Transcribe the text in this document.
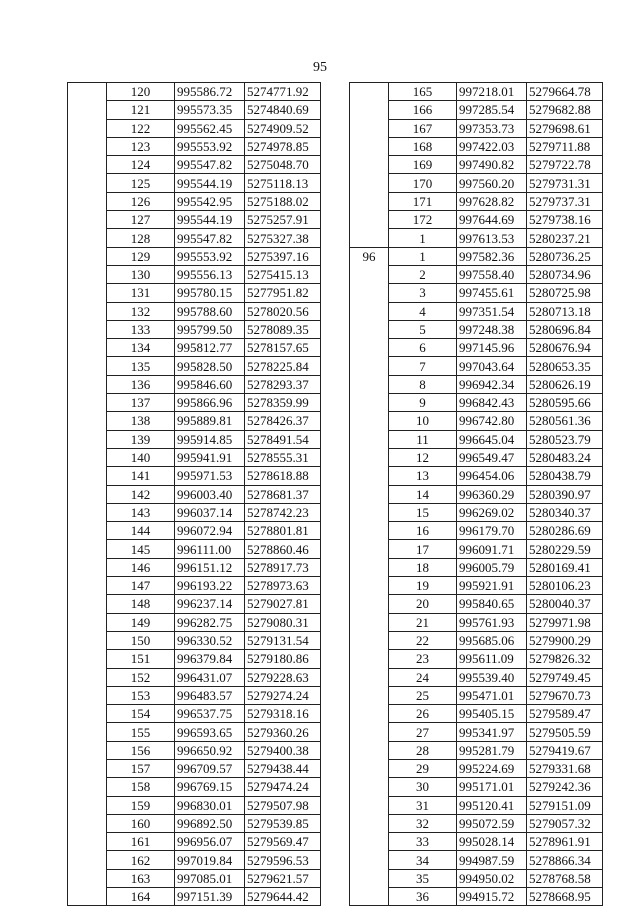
95
	120	995586.72	5274771.92
	121	995573.35	5274840.69
	122	995562.45	5274909.52
	123	995553.92	5274978.85
	124	995547.82	5275048.70
	125	995544.19	5275118.13
	126	995542.95	5275188.02
	127	995544.19	5275257.91
	128	995547.82	5275327.38
	129	995553.92	5275397.16
	130	995556.13	5275415.13
	131	995780.15	5277951.82
	132	995788.60	5278020.56
	133	995799.50	5278089.35
	134	995812.77	5278157.65
	135	995828.50	5278225.84
	136	995846.60	5278293.37
	137	995866.96	5278359.99
	138	995889.81	5278426.37
	139	995914.85	5278491.54
	140	995941.91	5278555.31
	141	995971.53	5278618.88
	142	996003.40	5278681.37
	143	996037.14	5278742.23
	144	996072.94	5278801.81
	145	996111.00	5278860.46
	146	996151.12	5278917.73
	147	996193.22	5278973.63
	148	996237.14	5279027.81
	149	996282.75	5279080.31
	150	996330.52	5279131.54
	151	996379.84	5279180.86
	152	996431.07	5279228.63
	153	996483.57	5279274.24
	154	996537.75	5279318.16
	155	996593.65	5279360.26
	156	996650.92	5279400.38
	157	996709.57	5279438.44
	158	996769.15	5279474.24
	159	996830.01	5279507.98
	160	996892.50	5279539.85
	161	996956.07	5279569.47
	162	997019.84	5279596.53
	163	997085.01	5279621.57
	164	997151.39	5279644.42
	165	997218.01	5279664.78
	166	997285.54	5279682.88
	167	997353.73	5279698.61
	168	997422.03	5279711.88
	169	997490.82	5279722.78
	170	997560.20	5279731.31
	171	997628.82	5279737.31
	172	997644.69	5279738.16
	1	997613.53	5280237.21
96	1	997582.36	5280736.25
	2	997558.40	5280734.96
	3	997455.61	5280725.98
	4	997351.54	5280713.18
	5	997248.38	5280696.84
	6	997145.96	5280676.94
	7	997043.64	5280653.35
	8	996942.34	5280626.19
	9	996842.43	5280595.66
	10	996742.80	5280561.36
	11	996645.04	5280523.79
	12	996549.47	5280483.24
	13	996454.06	5280438.79
	14	996360.29	5280390.97
	15	996269.02	5280340.37
	16	996179.70	5280286.69
	17	996091.71	5280229.59
	18	996005.79	5280169.41
	19	995921.91	5280106.23
	20	995840.65	5280040.37
	21	995761.93	5279971.98
	22	995685.06	5279900.29
	23	995611.09	5279826.32
	24	995539.40	5279749.45
	25	995471.01	5279670.73
	26	995405.15	5279589.47
	27	995341.97	5279505.59
	28	995281.79	5279419.67
	29	995224.69	5279331.68
	30	995171.01	5279242.36
	31	995120.41	5279151.09
	32	995072.59	5279057.32
	33	995028.14	5278961.91
	34	994987.59	5278866.34
	35	994950.02	5278768.58
	36	994915.72	5278668.95
